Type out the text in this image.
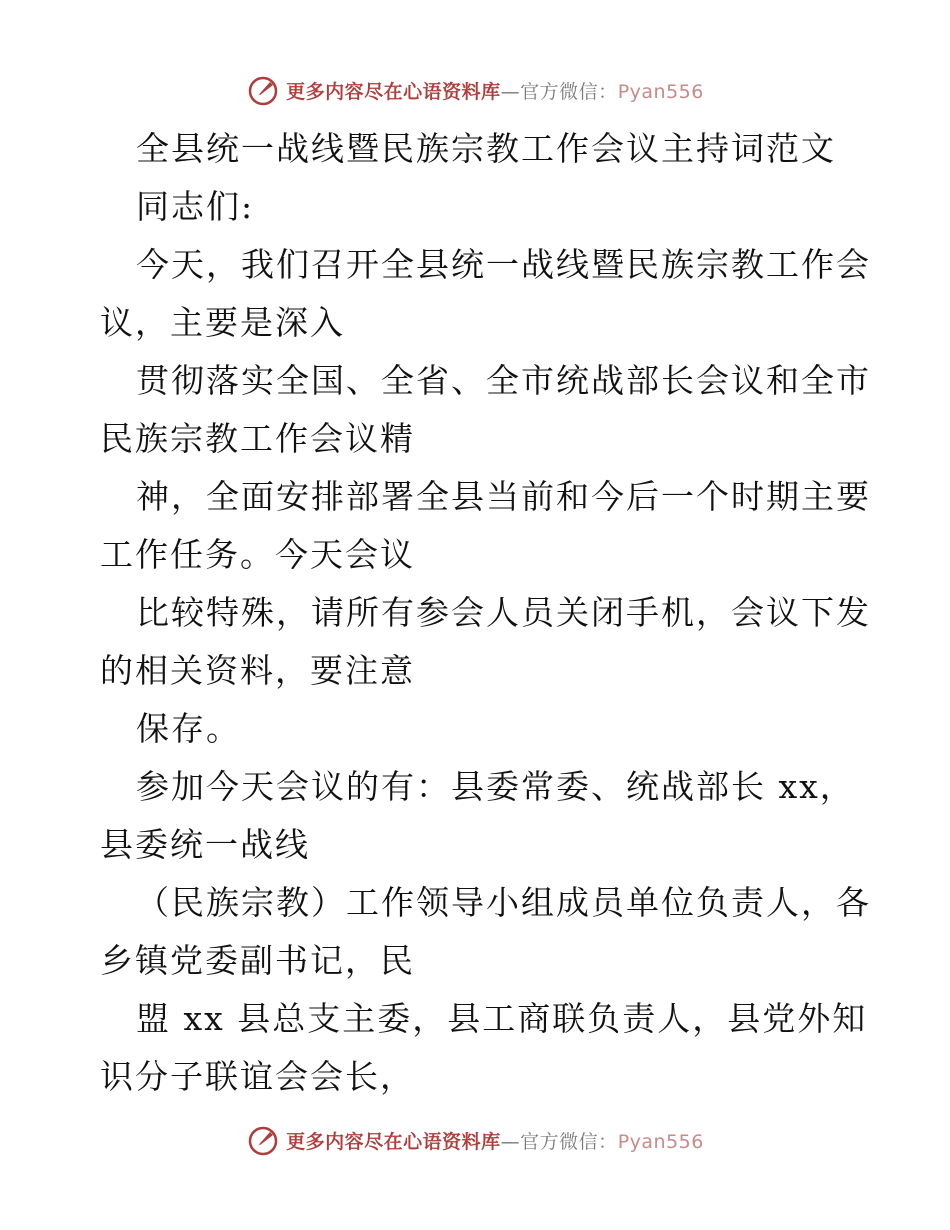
更多内容尽在心语资料库—官方微信：Pyan556
全县统一战线暨民族宗教工作会议主持词范文
同志们:
今天，我们召开全县统一战线暨民族宗教工作会
议，主要是深入
贯彻落实全国、全省、全市统战部长会议和全市
民族宗教工作会议精
神，全面安排部署全县当前和今后一个时期主要
工作任务。今天会议
比较特殊，请所有参会人员关闭手机，会议下发
的相关资料，要注意
保存。
参加今天会议的有：县委常委、统战部长 xx，
县委统一战线
（民族宗教）工作领导小组成员单位负责人，各
乡镇党委副书记，民
盟 xx 县总支主委，县工商联负责人，县党外知
识分子联谊会会长，
更多内容尽在心语资料库—官方微信：Pyan556
